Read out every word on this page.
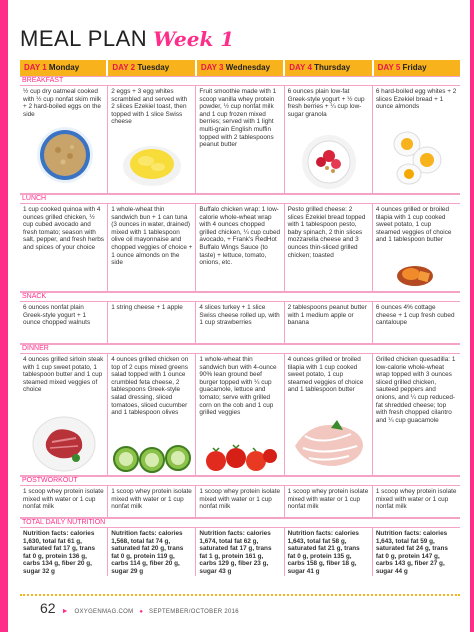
MEAL PLAN Week 1
DAY 1 Monday	DAY 2 Tuesday	DAY 3 Wednesday	DAY 4 Thursday	DAY 5 Friday
BREAKFAST
½ cup dry oatmeal cooked with ½ cup nonfat skim milk + 2 hard-boiled eggs on the side
2 eggs + 3 egg whites scrambled and served with 2 slices Ezekiel toast, then topped with 1 slice Swiss cheese
Fruit smoothie made with 1 scoop vanilla whey protein powder, ½ cup nonfat milk and 1 cup frozen mixed berries; served with 1 light multi-grain English muffin topped with 2 tablespoons peanut butter
6 ounces plain low-fat Greek-style yogurt + ½ cup fresh berries + ¼ cup low-sugar granola
6 hard-boiled egg whites + 2 slices Ezekiel bread + 1 ounce almonds
LUNCH
1 cup cooked quinoa with 4 ounces grilled chicken, ½ cup cubed avocado and fresh tomato; season with salt, pepper, and fresh herbs and spices of your choice
1 whole-wheat thin sandwich bun + 1 can tuna (3 ounces in water, drained) mixed with 1 tablespoon olive oil mayonnaise and chopped veggies of choice + 1 ounce almonds on the side
Buffalo chicken wrap: 1 low-calorie whole-wheat wrap with 4 ounces chopped grilled chicken, ¼ cup cubed avocado, + Frank's RedHot Buffalo Wings Sauce (to taste) + lettuce, tomato, onions, etc.
Pesto grilled cheese: 2 slices Ezekiel bread topped with 1 tablespoon pesto, baby spinach, 2 thin slices mozzarella cheese and 3 ounces thin-sliced grilled chicken; toasted
4 ounces grilled or broiled tilapia with 1 cup cooked sweet potato, 1 cup steamed veggies of choice and 1 tablespoon butter
SNACK
6 ounces nonfat plain Greek-style yogurt + 1 ounce chopped walnuts
1 string cheese + 1 apple	4 slices turkey + 1 slice Swiss cheese rolled up, with 1 cup strawberries
2 tablespoons peanut butter with 1 medium apple or banana
6 ounces 4% cottage cheese + 1 cup fresh cubed cantaloupe
DINNER
4 ounces grilled sirloin steak with 1 cup sweet potato, 1 tablespoon butter and 1 cup steamed mixed veggies of choice
4 ounces grilled chicken on top of 2 cups mixed greens salad topped with 1 ounce crumbled feta cheese, 2 tablespoons Greek-style salad dressing, sliced tomatoes, sliced cucumber and 1 tablespoon olives
1 whole-wheat thin sandwich bun with 4-ounce 90% lean ground beef burger topped with ¼ cup guacamole, lettuce and tomato; serve with grilled corn on the cob and 1 cup grilled veggies
4 ounces grilled or broiled tilapia with 1 cup cooked sweet potato, 1 cup steamed veggies of choice and 1 tablespoon butter
Grilled chicken quesadilla: 1 low-calorie whole-wheat wrap topped with 3 ounces sliced grilled chicken, sauteed peppers and onions, and ¼ cup reduced-fat shredded cheese; top with fresh chopped cilantro and ¼ cup guacamole
POSTWORKOUT
1 scoop whey protein isolate mixed with water or 1 cup nonfat milk
1 scoop whey protein isolate mixed with water or 1 cup nonfat milk
1 scoop whey protein isolate mixed with water or 1 cup nonfat milk
1 scoop whey protein isolate mixed with water or 1 cup nonfat milk
1 scoop whey protein isolate mixed with water or 1 cup nonfat milk
TOTAL DAILY NUTRITION
Nutrition facts: calories 1,630, total fat 61 g, saturated fat 17 g, trans fat 0 g, protein 136 g, carbs 134 g, fiber 20 g, sugar 32 g
Nutrition facts: calories 1,568, total fat 74 g, saturated fat 20 g, trans fat 0 g, protein 119 g, carbs 114 g, fiber 20 g, sugar 29 g
Nutrition facts: calories 1,674, total fat 62 g, saturated fat 17 g, trans fat 1 g, protein 161 g, carbs 129 g, fiber 23 g, sugar 43 g
Nutrition facts: calories 1,643, total fat 58 g, saturated fat 21 g, trans fat 0 g, protein 135 g, carbs 158 g, fiber 18 g, sugar 41 g
Nutrition facts: calories 1,643, total fat 59 g, saturated fat 24 g, trans fat 0 g, protein 147 g, carbs 143 g, fiber 27 g, sugar 44 g
62 ► OXYGENMAG.COM ● SEPTEMBER/OCTOBER 2016
